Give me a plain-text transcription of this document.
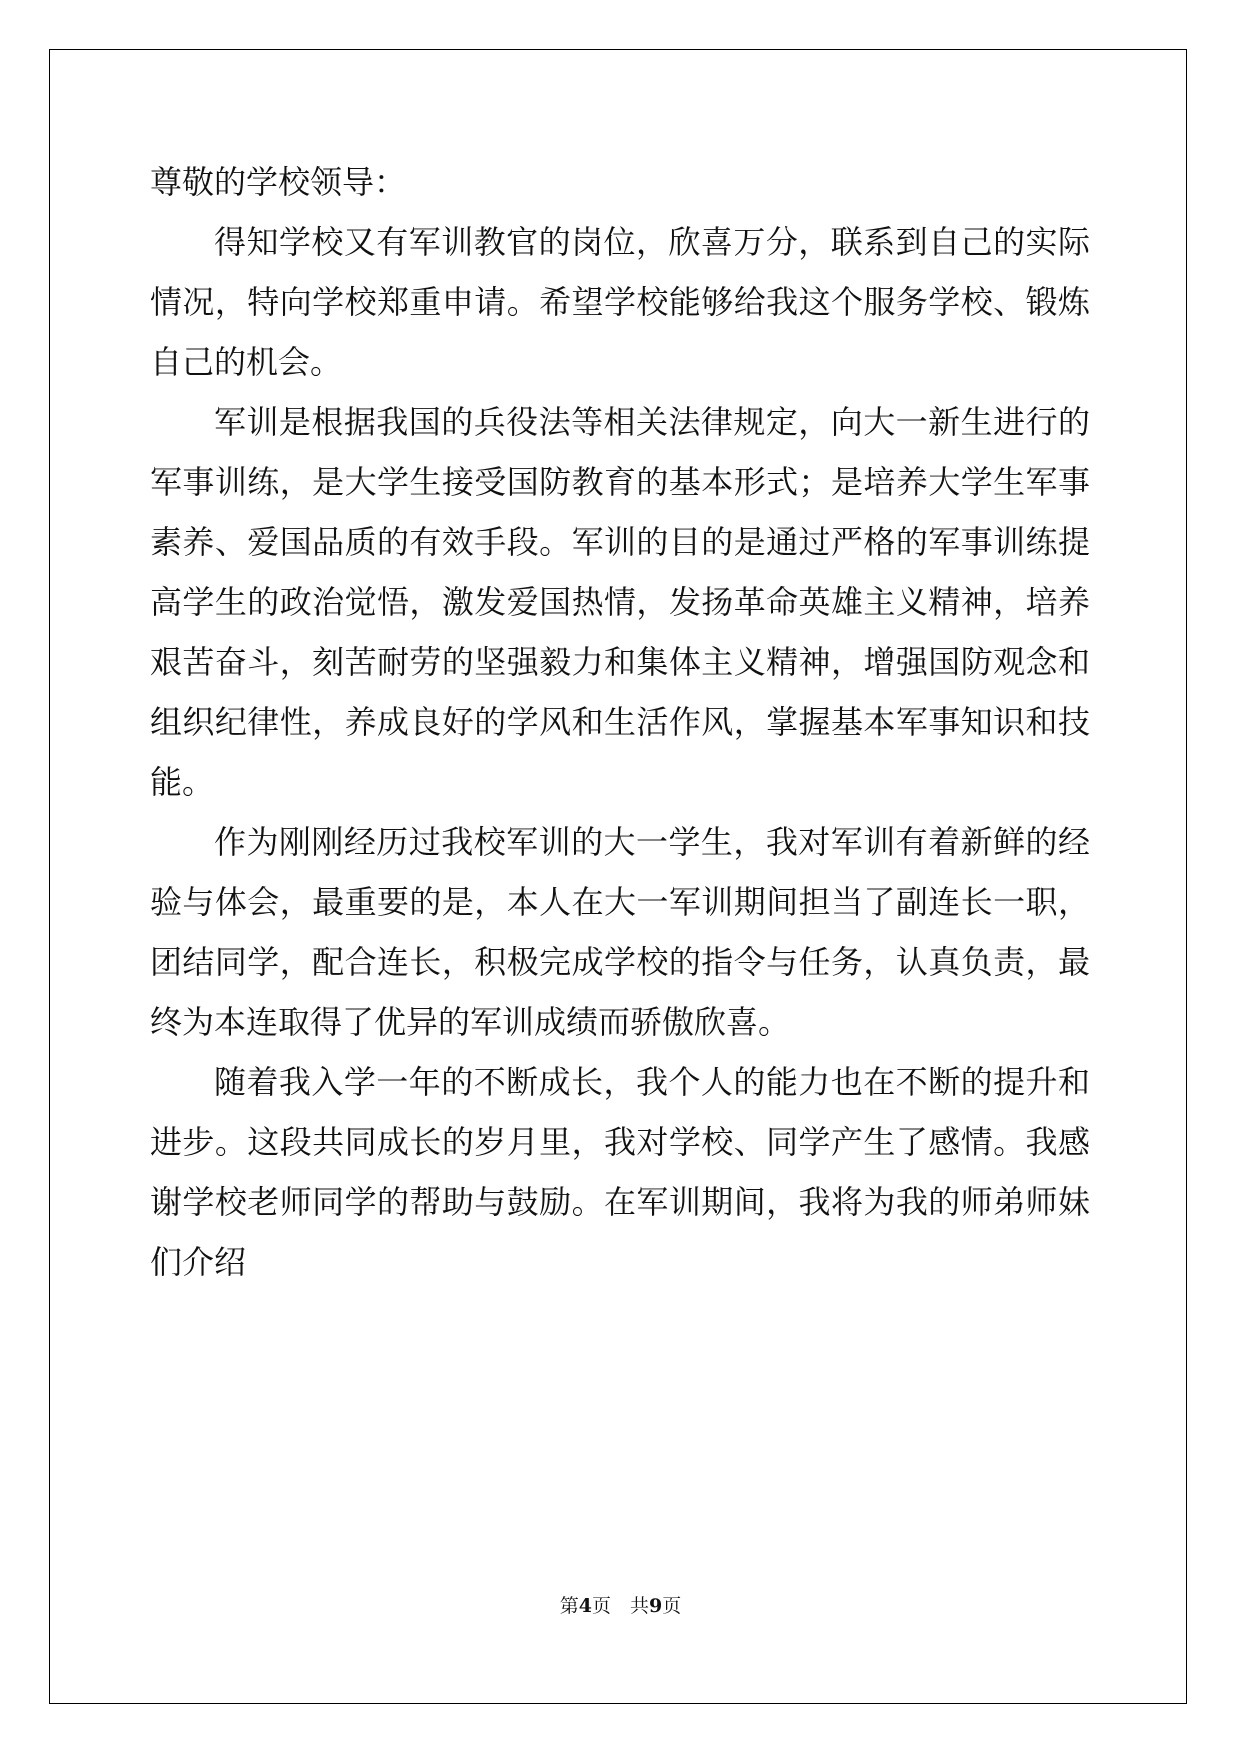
尊敬的学校领导：

得知学校又有军训教官的岗位，欣喜万分，联系到自己的实际情况，特向学校郑重申请。希望学校能够给我这个服务学校、锻炼自己的机会。

军训是根据我国的兵役法等相关法律规定，向大一新生进行的军事训练，是大学生接受国防教育的基本形式；是培养大学生军事素养、爱国品质的有效手段。军训的目的是通过严格的军事训练提高学生的政治觉悟，激发爱国热情，发扬革命英雄主义精神，培养艰苦奋斗，刻苦耐劳的坚强毅力和集体主义精神，增强国防观念和组织纪律性，养成良好的学风和生活作风，掌握基本军事知识和技能。

作为刚刚经历过我校军训的大一学生，我对军训有着新鲜的经验与体会，最重要的是，本人在大一军训期间担当了副连长一职，团结同学，配合连长，积极完成学校的指令与任务，认真负责，最终为本连取得了优异的军训成绩而骄傲欣喜。

随着我入学一年的不断成长，我个人的能力也在不断的提升和进步。这段共同成长的岁月里，我对学校、同学产生了感情。我感谢学校老师同学的帮助与鼓励。在军训期间，我将为我的师弟师妹们介绍

第4页　共9页
